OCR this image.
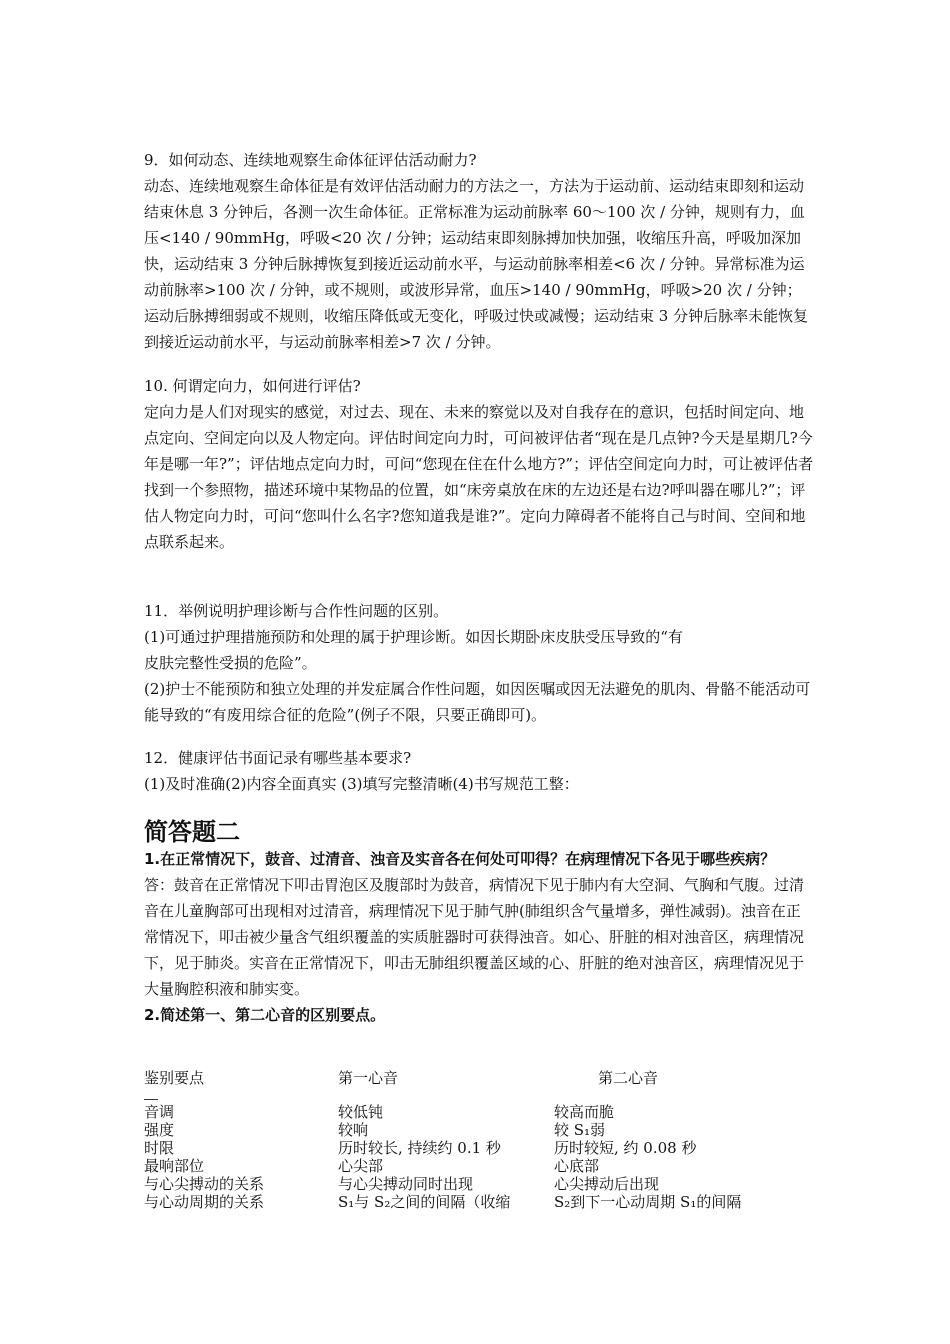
9．如何动态、连续地观察生命体征评估活动耐力?

动态、连续地观察生命体征是有效评估活动耐力的方法之一，方法为于运动前、运动结束即刻和运动结束休息 3 分钟后，各测一次生命体征。正常标准为运动前脉率 60～100 次 / 分钟，规则有力，血压<140 / 90mmHg，呼吸<20 次 / 分钟；运动结束即刻脉搏加快加强，收缩压升高，呼吸加深加快，运动结束 3 分钟后脉搏恢复到接近运动前水平，与运动前脉率相差<6 次 / 分钟。异常标准为运动前脉率>100 次 / 分钟，或不规则，或波形异常，血压>140 / 90mmHg，呼吸>20 次 / 分钟；运动后脉搏细弱或不规则，收缩压降低或无变化，呼吸过快或减慢；运动结束 3 分钟后脉率未能恢复到接近运动前水平，与运动前脉率相差>7 次 / 分钟。

10. 何谓定向力，如何进行评估?

定向力是人们对现实的感觉，对过去、现在、未来的察觉以及对自我存在的意识，包括时间定向、地点定向、空间定向以及人物定向。评估时间定向力时，可问被评估者“现在是几点钟?今天是星期几?今年是哪一年?”；评估地点定向力时，可问“您现在住在什么地方?”；评估空间定向力时，可让被评估者找到一个参照物，描述环境中某物品的位置，如“床旁桌放在床的左边还是右边?呼叫器在哪儿?”；评估人物定向力时，可问“您叫什么名字?您知道我是谁?”。定向力障碍者不能将自己与时间、空间和地点联系起来。

11．举例说明护理诊断与合作性问题的区别。

(1)可通过护理措施预防和处理的属于护理诊断。如因长期卧床皮肤受压导致的“有

皮肤完整性受损的危险”。

(2)护士不能预防和独立处理的并发症属合作性问题，如因医嘱或因无法避免的肌肉、骨骼不能活动可能导致的“有废用综合征的危险”(例子不限，只要正确即可)。

12．健康评估书面记录有哪些基本要求?

(1)及时准确(2)内容全面真实 (3)填写完整清晰(4)书写规范工整：

简答题二

1.在正常情况下，鼓音、过清音、浊音及实音各在何处可叩得？在病理情况下各见于哪些疾病？

答：鼓音在正常情况下叩击胃泡区及腹部时为鼓音，病情况下见于肺内有大空洞、气胸和气腹。过清音在儿童胸部可出现相对过清音，病理情况下见于肺气肿(肺组织含气量增多，弹性减弱)。浊音在正常情况下，叩击被少量含气组织覆盖的实质脏器时可获得浊音。如心、肝脏的相对浊音区，病理情况下，见于肺炎。实音在正常情况下，叩击无肺组织覆盖区域的心、肝脏的绝对浊音区，病理情况见于大量胸腔积液和肺实变。

2.简述第一、第二心音的区别要点。

鉴别要点	第一心音	第二心音
音调	较低钝	较高而脆
强度	较响	较 S₁弱
时限	历时较长, 持续约 0.1 秒	历时较短, 约 0.08 秒
最响部位	心尖部	心底部
与心尖搏动的关系	与心尖搏动同时出现	心尖搏动后出现
与心动周期的关系	S₁与 S₂之间的间隔（收缩	S₂到下一心动周期 S₁的间隔
